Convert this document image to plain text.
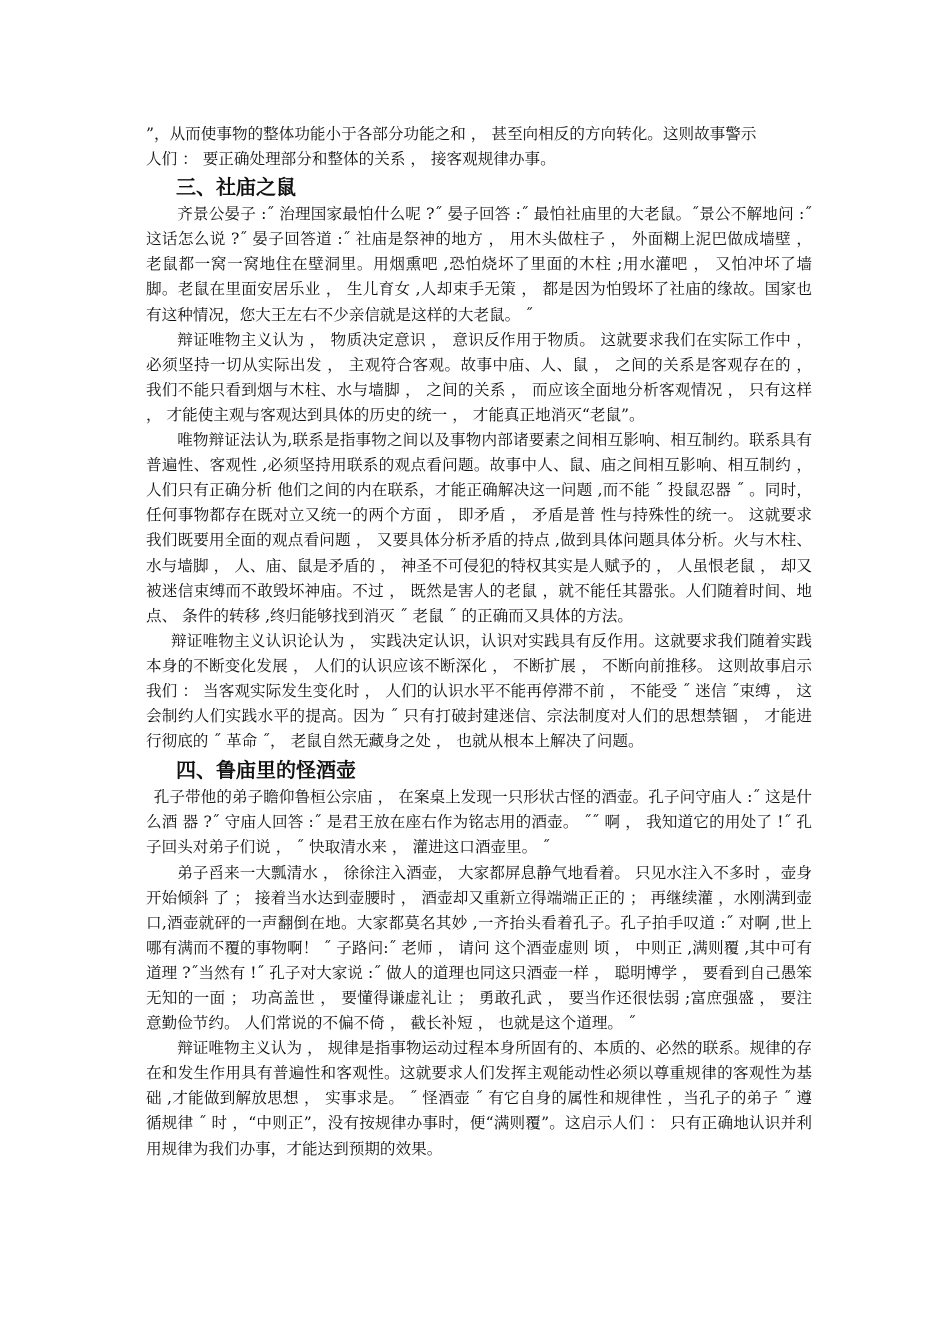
”，从而使事物的整体功能小于各部分功能之和 ， 甚至向相反的方向转化。这则故事警示

人们 ： 要正确处理部分和整体的关系 ， 接客观规律办事。

三、社庙之鼠

齐景公晏子 :˝ 治理国家最怕什么呢 ?˝ 晏子回答 :˝ 最怕社庙里的大老鼠。˝景公不解地问 :˝ 这话怎么说 ?˝ 晏子回答道 :˝ 社庙是祭神的地方 ， 用木头做柱子 ， 外面糊上泥巴做成墙壁 ， 老鼠都一窝一窝地住在壁洞里。用烟熏吧 ,恐怕烧坏了里面的木柱 ;用水灌吧 ， 又怕冲坏了墙脚。老鼠在里面安居乐业 ， 生儿育女 ,人却束手无策 ， 都是因为怕毁坏了社庙的缘故。国家也有这种情况，您大王左右不少亲信就是这样的大老鼠。 ˝

辩证唯物主义认为 ， 物质决定意识 ， 意识反作用于物质。 这就要求我们在实际工作中 ， 必须坚持一切从实际出发 ， 主观符合客观。故事中庙、人、鼠 ， 之间的关系是客观存在的 ， 我们不能只看到烟与木柱、水与墙脚 ， 之间的关系 ， 而应该全面地分析客观情况 ， 只有这样 ， 才能使主观与客观达到具体的历史的统一 ， 才能真正地消灭“老鼠”。

唯物辩证法认为,联系是指事物之间以及事物内部诸要素之间相互影响、相互制约。联系具有普遍性、客观性 ,必须坚持用联系的观点看问题。故事中人、鼠、庙之间相互影响、相互制约 ， 人们只有正确分析 他们之间的内在联系，才能正确解决这一问题 ,而不能 ˝ 投鼠忍器 ˝ 。同时， 任何事物都存在既对立又统一的两个方面 ， 即矛盾 ， 矛盾是普 性与持殊性的统一。 这就要求我们既要用全面的观点看问题 ， 又要具体分析矛盾的持点 ,做到具体问题具体分析。火与木柱、水与墙脚 ， 人、庙、鼠是矛盾的 ， 神圣不可侵犯的特权其实是人赋予的 ， 人虽恨老鼠 ， 却又被迷信束缚而不敢毁坏神庙。不过 ， 既然是害人的老鼠 ，就不能任其嚣张。人们随着时间、地点、 条件的转移 ,终归能够找到消灭 ˝ 老鼠 ˝ 的正确而又具体的方法。

辩证唯物主义认识论认为 ， 实践决定认识，认识对实践具有反作用。这就要求我们随着实践本身的不断变化发展 ， 人们的认识应该不断深化 ， 不断扩展 ， 不断向前推移。 这则故事启示我们 ： 当客观实际发生变化时 ， 人们的认识水平不能再停滞不前 ， 不能受 ˝ 迷信 ˝束缚 ， 这会制约人们实践水平的提高。因为 ˝ 只有打破封建迷信、宗法制度对人们的思想禁锢 ， 才能进行彻底的 ˝ 革命 ˝， 老鼠自然无藏身之处 ， 也就从根本上解决了问题。

四、鲁庙里的怪酒壶

孔子带他的弟子瞻仰鲁桓公宗庙 ， 在案桌上发现一只形状古怪的酒壶。孔子问守庙人 :˝ 这是什么酒 器 ?˝ 守庙人回答 :˝ 是君王放在座右作为铭志用的酒壶。 ˝˝ 啊 ， 我知道它的用处了 !˝ 孔子回头对弟子们说 ， ˝ 快取清水来 ， 灌进这口酒壶里。 ˝

弟子舀来一大瓢清水 ， 徐徐注入酒壶， 大家都屏息静气地看着。 只见水注入不多时 ，壶身开始倾斜 了 ； 接着当水达到壶腰时 ， 酒壶却又重新立得端端正正的 ； 再继续灌 ，水刚满到壶口,酒壶就砰的一声翻倒在地。大家都莫名其妙 ,一齐抬头看着孔子。孔子拍手叹道 :˝ 对啊 ,世上哪有满而不覆的事物啊！ ˝ 子路问:˝ 老师 ， 请问 这个酒壶虚则 顷 ， 中则正 ,满则覆 ,其中可有道理 ?˝当然有 !˝ 孔子对大家说 :˝ 做人的道理也同这只酒壶一样 ， 聪明博学 ， 要看到自己愚笨无知的一面 ； 功高盖世 ， 要懂得谦虚礼让 ； 勇敢孔武 ， 要当作还很怯弱 ;富庶强盛 ， 要注意勤俭节约。 人们常说的不偏不倚 ， 截长补短 ， 也就是这个道理。 ˝

辩证唯物主义认为 ， 规律是指事物运动过程本身所固有的、本质的、必然的联系。规律的存在和发生作用具有普遍性和客观性。这就要求人们发挥主观能动性必须以尊重规律的客观性为基础 ,才能做到解放思想 ， 实事求是。 ˝ 怪酒壶 ˝ 有它自身的属性和规律性 ，当孔子的弟子 ˝ 遵循规律 ˝ 时 ，“中则正”，没有按规律办事时，便“满则覆”。这启示人们 ： 只有正确地认识并利用规律为我们办事，才能达到预期的效果。
